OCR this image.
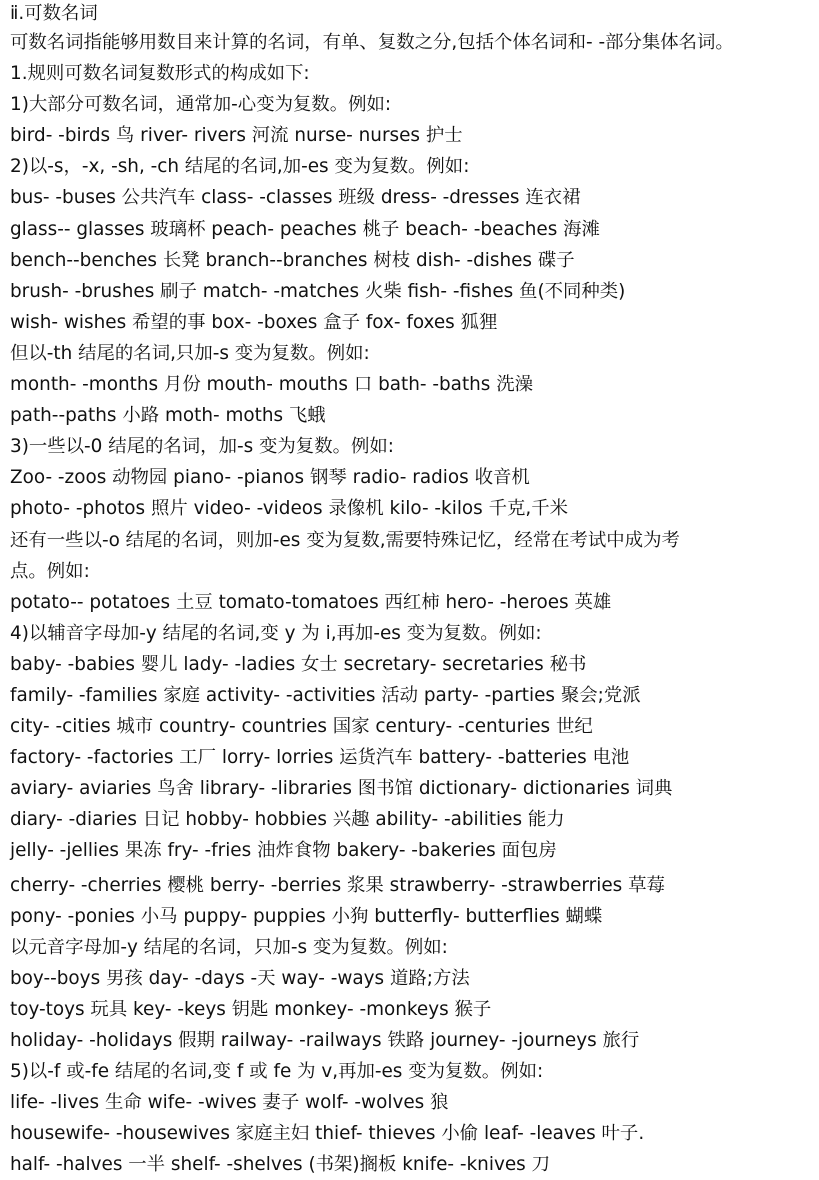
ⅱ.可数名词
可数名词指能够用数目来计算的名词，有单、复数之分,包括个体名词和- -部分集体名词。
1.规则可数名词复数形式的构成如下:
1)大部分可数名词，通常加-心变为复数。例如:
bird- -birds 鸟 river- rivers 河流 nurse- nurses 护士
2)以-s，-x, -sh, -ch 结尾的名词,加-es 变为复数。例如:
bus- -buses 公共汽车 class- -classes 班级 dress- -dresses 连衣裙
glass-- glasses 玻璃杯 peach- peaches 桃子 beach- -beaches 海滩
bench--benches 长凳 branch--branches 树枝 dish- -dishes 碟子
brush- -brushes 刷子 match- -matches 火柴 fish- -fishes 鱼(不同种类)
wish- wishes 希望的事 box- -boxes 盒子 fox- foxes 狐狸
但以-th 结尾的名词,只加-s 变为复数。例如:
month- -months 月份 mouth- mouths 口 bath- -baths 洗澡
path--paths 小路 moth- moths 飞蛾
3)一些以-0 结尾的名词，加-s 变为复数。例如:
Zoo- -zoos 动物园 piano- -pianos 钢琴 radio- radios 收音机
photo- -photos 照片 video- -videos 录像机 kilo- -kilos 千克,千米
还有一些以-o 结尾的名词，则加-es 变为复数,需要特殊记忆，经常在考试中成为考
点。例如:
potato-- potatoes 土豆 tomato-tomatoes 西红柿 hero- -heroes 英雄
4)以辅音字母加-y 结尾的名词,变 y 为 i,再加-es 变为复数。例如:
baby- -babies 婴儿 lady- -ladies 女士 secretary- secretaries 秘书
family- -families 家庭 activity- -activities 活动 party- -parties 聚会;党派
city- -cities 城市 country- countries 国家 century- -centuries 世纪
factory- -factories 工厂 lorry- lorries 运货汽车 battery- -batteries 电池
aviary- aviaries 鸟舍 library- -libraries 图书馆 dictionary- dictionaries 词典
diary- -diaries 日记 hobby- hobbies 兴趣 ability- -abilities 能力
jelly- -jellies 果冻 fry- -fries 油炸食物 bakery- -bakeries 面包房
cherry- -cherries 樱桃 berry- -berries 浆果 strawberry- -strawberries 草莓
pony- -ponies 小马 puppy- puppies 小狗 butterfly- butterflies 蝴蝶
以元音字母加-y 结尾的名词，只加-s 变为复数。例如:
boy--boys 男孩 day- -days -天 way- -ways 道路;方法
toy-toys 玩具 key- -keys 钥匙 monkey- -monkeys 猴子
holiday- -holidays 假期 railway- -railways 铁路 journey- -journeys 旅行
5)以-f 或-fe 结尾的名词,变 f 或 fe 为 v,再加-es 变为复数。例如:
life- -lives 生命 wife- -wives 妻子 wolf- -wolves 狼
housewife- -housewives 家庭主妇 thief- thieves 小偷 leaf- -leaves 叶子.
half- -halves 一半 shelf- -shelves (书架)搁板 knife- -knives 刀
